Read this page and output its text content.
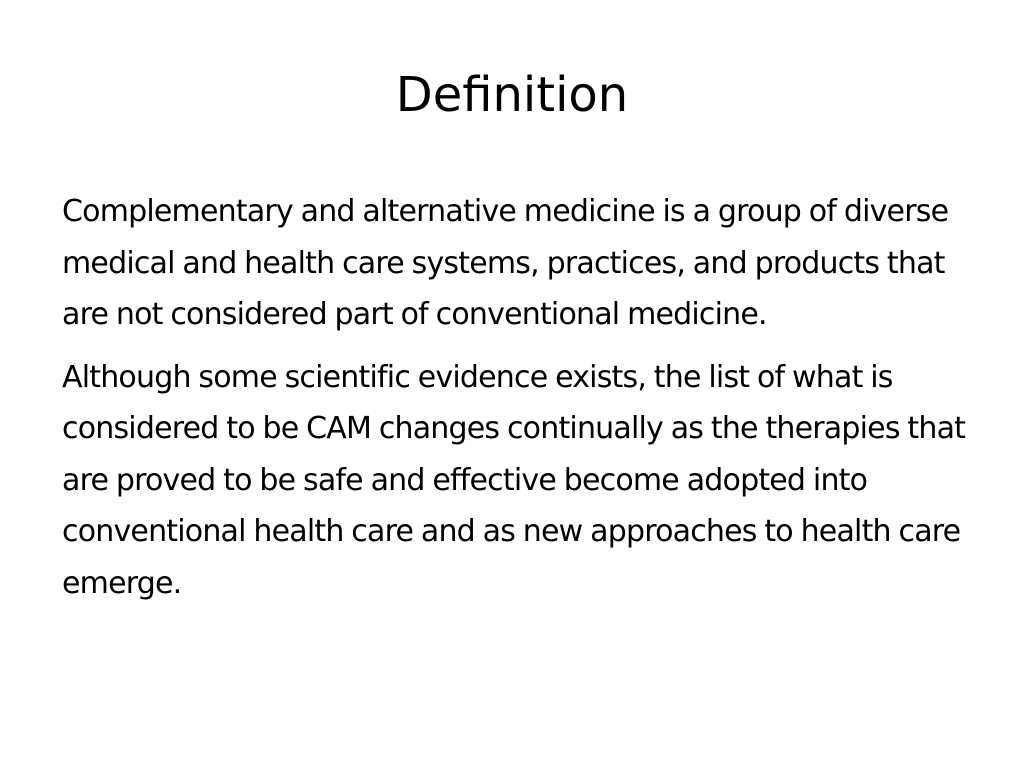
Definition

Complementary and alternative medicine is a group of diverse medical and health care systems, practices, and products that are not considered part of conventional medicine.

Although some scientific evidence exists, the list of what is considered to be CAM changes continually as the therapies that are proved to be safe and effective become adopted into conventional health care and as new approaches to health care emerge.
